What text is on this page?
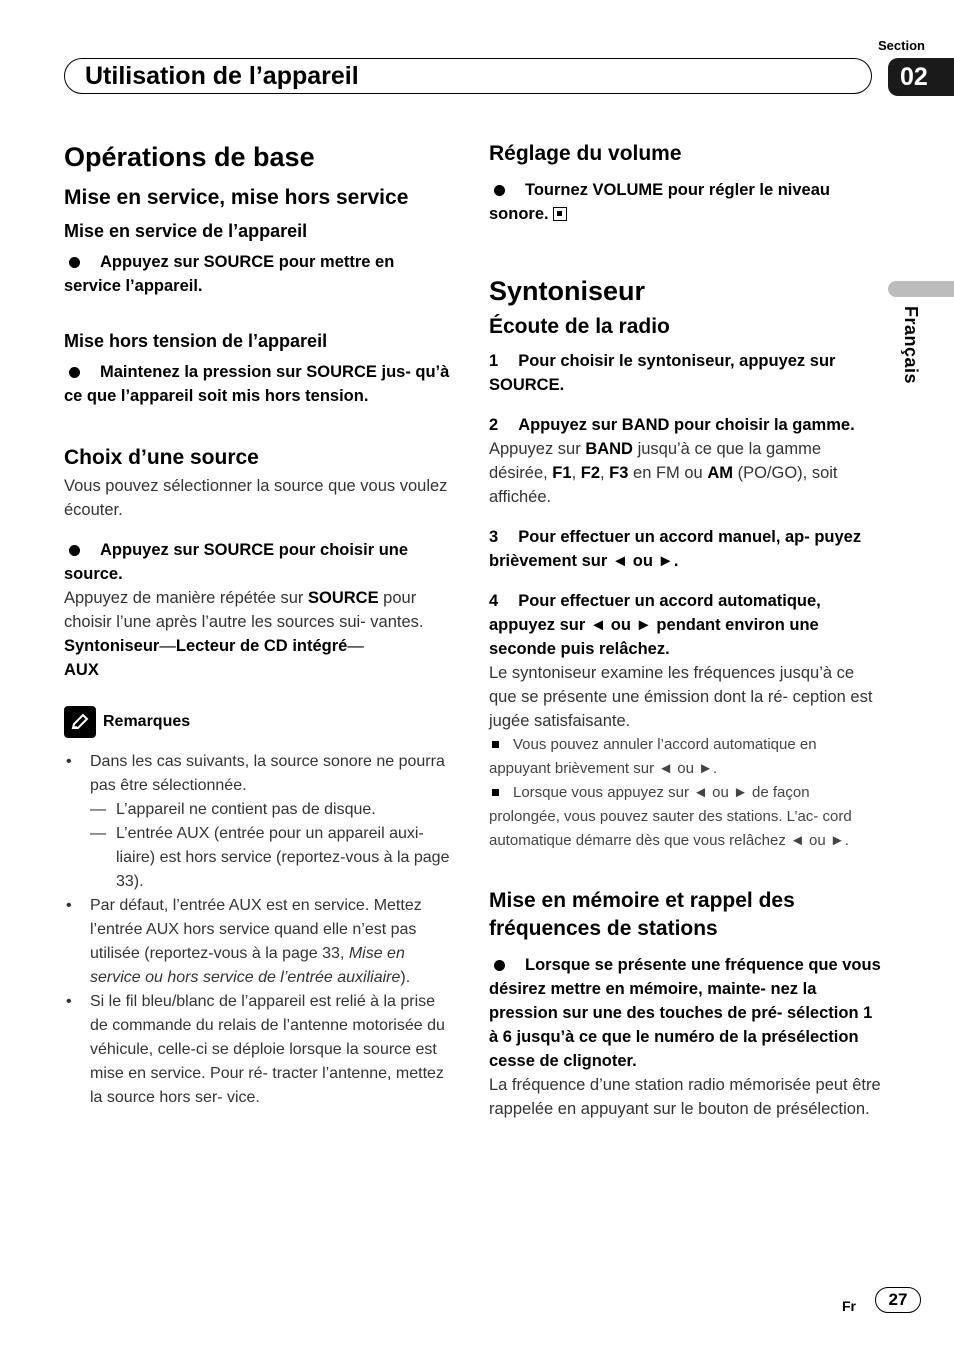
Section
Utilisation de l’appareil	02
Français
Opérations de base
Mise en service, mise hors service
Mise en service de l’appareil

Appuyez sur SOURCE pour mettre en service l’appareil.

Mise hors tension de l’appareil

Maintenez la pression sur SOURCE jus- qu’à ce que l’appareil soit mis hors tension.

Choix d’une source

Vous pouvez sélectionner la source que vous voulez écouter.

Appuyez sur SOURCE pour choisir une source.

Appuyez de manière répétée sur SOURCE pour choisir l’une après l’autre les sources sui- vantes.

Syntoniseur—Lecteur de CD intégré—
AUX

Remarques
• Dans les cas suivants, la source sonore ne pourra pas être sélectionnée.
— L’appareil ne contient pas de disque.
— L’entrée AUX (entrée pour un appareil auxi- liaire) est hors service (reportez-vous à la page 33).
• Par défaut, l’entrée AUX est en service. Mettez l’entrée AUX hors service quand elle n’est pas utilisée (reportez-vous à la page 33, Mise en service ou hors service de l’entrée auxiliaire).
• Si le fil bleu/blanc de l’appareil est relié à la prise de commande du relais de l’antenne motorisée du véhicule, celle-ci se déploie lorsque la source est mise en service. Pour ré- tracter l’antenne, mettez la source hors ser- vice.
Réglage du volume

Tournez VOLUME pour régler le niveau sonore.

Syntoniseur
Écoute de la radio

1 Pour choisir le syntoniseur, appuyez sur SOURCE.

2 Appuyez sur BAND pour choisir la gamme.

Appuyez sur BAND jusqu’à ce que la gamme désirée, F1, F2, F3 en FM ou AM (PO/GO), soit affichée.

3 Pour effectuer un accord manuel, ap- puyez brièvement sur ◄ ou ►.

4 Pour effectuer un accord automatique, appuyez sur ◄ ou ► pendant environ une seconde puis relâchez.

Le syntoniseur examine les fréquences jusqu’à ce que se présente une émission dont la ré- ception est jugée satisfaisante.

Vous pouvez annuler l’accord automatique en appuyant brièvement sur ◄ ou ►.

Lorsque vous appuyez sur ◄ ou ► de façon prolongée, vous pouvez sauter des stations. L’ac- cord automatique démarre dès que vous relâchez ◄ ou ►.

Mise en mémoire et rappel des fréquences de stations

Lorsque se présente une fréquence que vous désirez mettre en mémoire, mainte- nez la pression sur une des touches de pré- sélection 1 à 6 jusqu’à ce que le numéro de la présélection cesse de clignoter.

La fréquence d’une station radio mémorisée peut être rappelée en appuyant sur le bouton de présélection.

Fr	27
